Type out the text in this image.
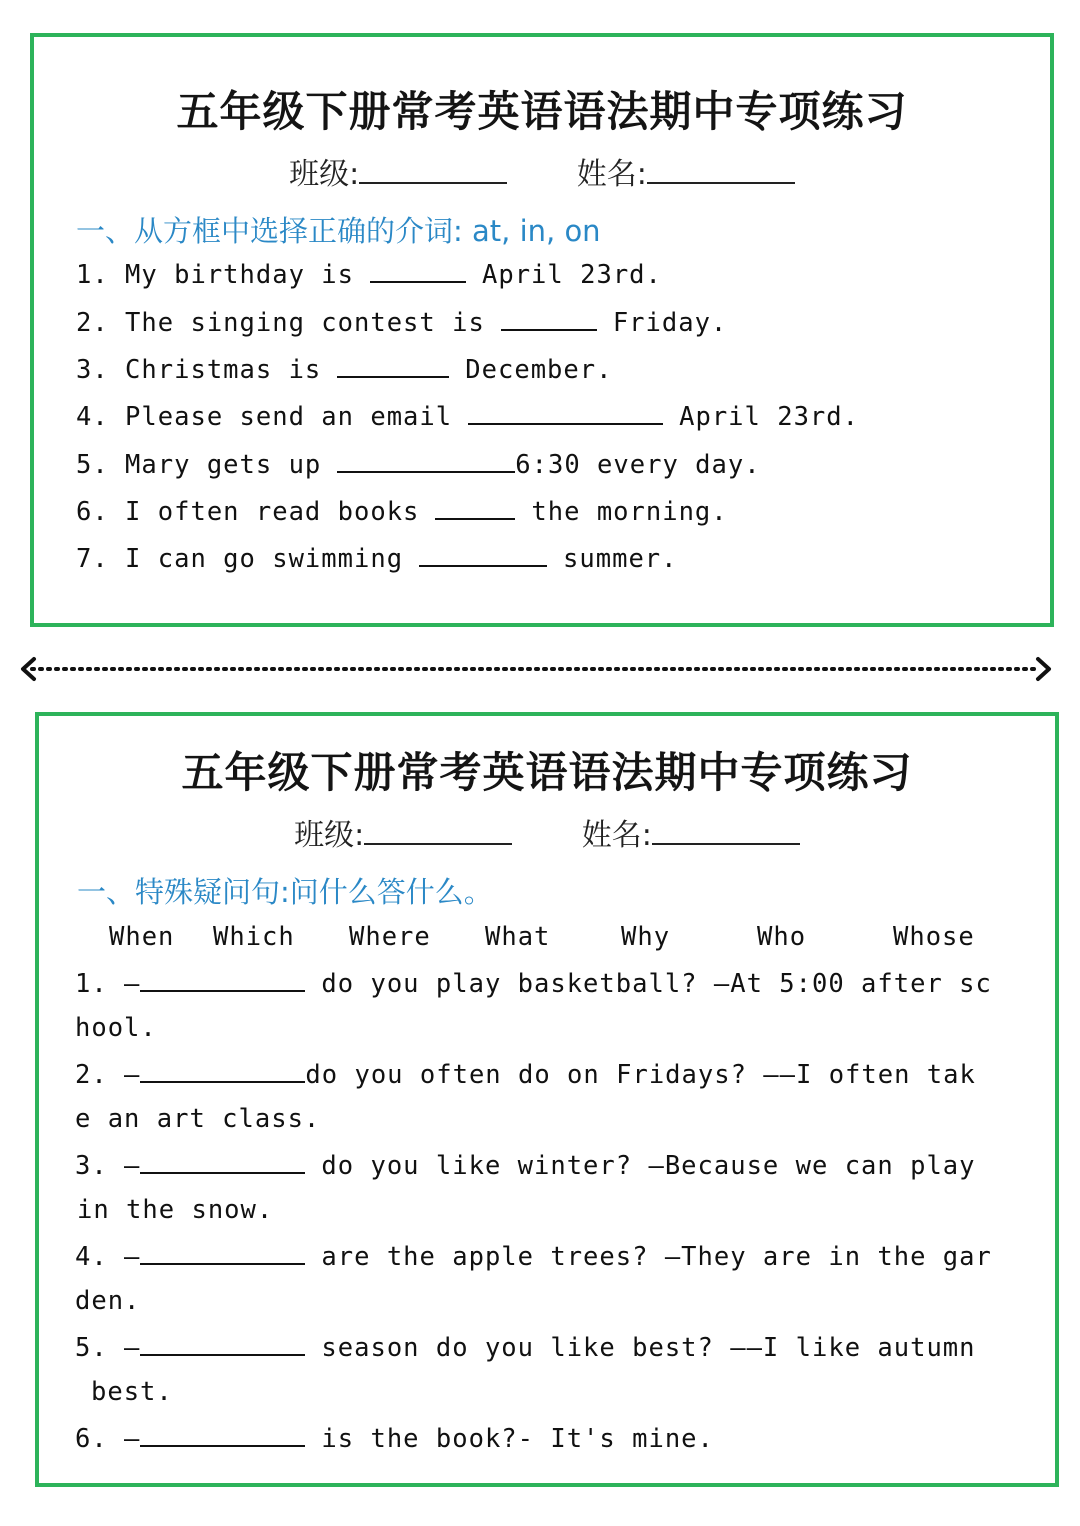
五年级下册常考英语语法期中专项练习
班级:	姓名:
一、从方框中选择正确的介词: at, in, on
1. My birthday is	April 23rd.
2. The singing contest is	Friday.
3. Christmas is	December.
4. Please send an email	April 23rd.
5. Mary gets up	6:30 every day.
6. I often read books	the morning.
7. I can go swimming	summer.
五年级下册常考英语语法期中专项练习
班级:	姓名:
一、特殊疑问句:问什么答什么。
When Which Where What	Why	Who	Whose
1. —	do you play basketball? —At 5:00 after sc
hool.
2. —	do you often do on Fridays? ——I often tak
e an art class.
3. —	do you like winter? —Because we can play
in the snow.
4. —	are the apple trees? —They are in the gar
den.
5. —	season do you like best? ——I like autumn
best.
6. —	is the book?- It's mine.
